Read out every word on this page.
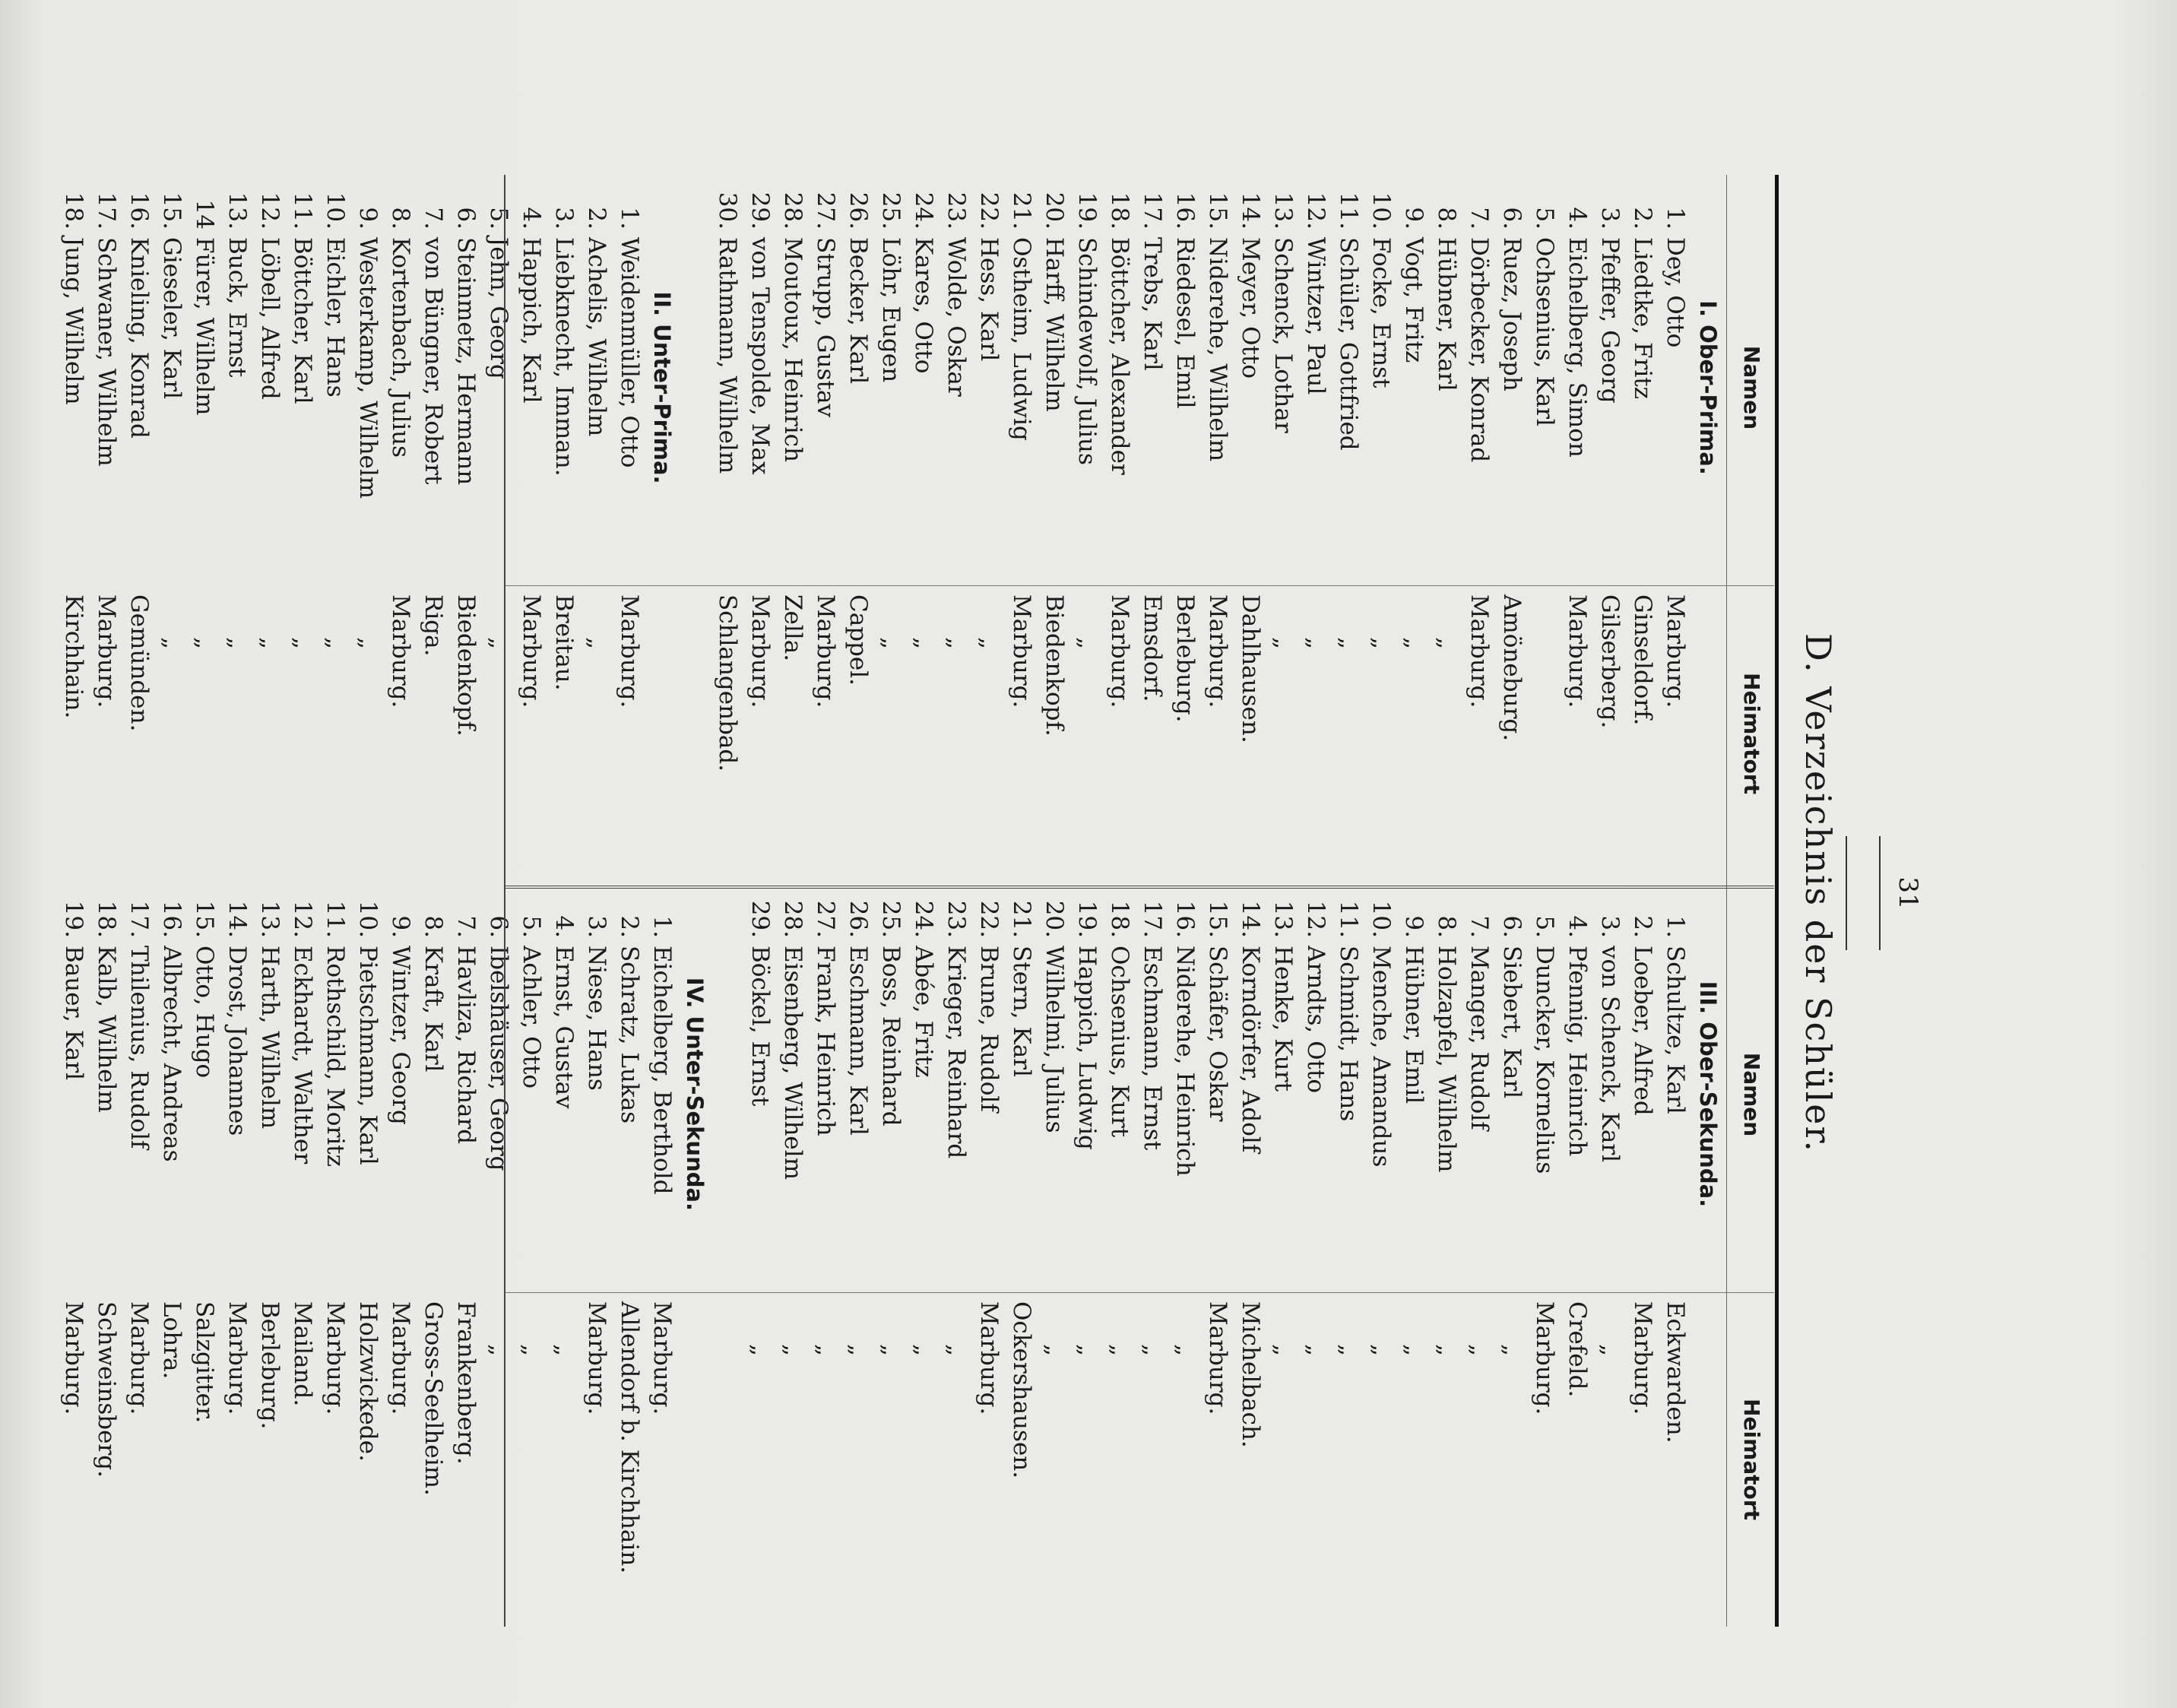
31
D. Verzeichnis der Schüler.
Namen
Heimatort
Namen
Heimatort
I. Ober-Prima.
1.Dey, Otto
2.Liedtke, Fritz
3.Pfeffer, Georg
4.Eichelberg, Simon
5.Ochsenius, Karl
6.Ruez, Joseph
7.Dörbecker, Konrad
8.Hübner, Karl
9.Vogt, Fritz
10.Focke, Ernst
11.Schüler, Gottfried
12.Wintzer, Paul
13.Schenck, Lothar
14.Meyer, Otto
15.Niderehe, Wilhelm
16.Riedesel, Emil
17.Trebs, Karl
18.Böttcher, Alexander
19.Schindewolf, Julius
20.Harff, Wilhelm
21.Ostheim, Ludwig
22.Hess, Karl
23.Wolde, Oskar
24.Kares, Otto
25.Löhr, Eugen
26.Becker, Karl
27.Strupp, Gustav
28.Moutoux, Heinrich
29.von Tenspolde, Max
30.Rathmann, Wilhelm
II. Unter-Prima.
1.Weidenmüller, Otto
2.Achelis, Wilhelm
3.Liebknecht, Imman.
4.Happich, Karl
5.Jehn, Georg
6.Steinmetz, Hermann
7.von Büngner, Robert
8.Kortenbach, Julius
9.Westerkamp, Wilhelm
10.Eichler, Hans
11.Böttcher, Karl
12.Löbell, Alfred
13.Buck, Ernst
14Fürer, Wilhelm
15.Gieseler, Karl
16.Knieling, Konrad
17.Schwaner, Wilhelm
18.Jung, Wilhelm
Marburg.
Ginseldorf.
Gilserberg.
Marburg.
Amöneburg.
Marburg.
„
„
„
„
„
„
Dahlhausen.
Marburg.
Berleburg.
Emsdorf.
Marburg.
„
Biedenkopf.
Marburg.
„
„
„
„
Cappel.
Marburg.
Zella.
Marburg.
Schlangenbad.
Marburg.
„
Breitau.
Marburg.
„
Biedenkopf.
Riga.
Marburg.
„
„
„
„
„
„
„
Gemünden.
Marburg.
Kirchhain.
III. Ober-Sekunda.
1.Schultze, Karl
2.Loeber, Alfred
3.von Schenck, Karl
4.Pfennig, Heinrich
5.Duncker, Kornelius
6.Siebert, Karl
7.Manger, Rudolf
8.Holzapfel, Wilhelm
9.Hübner, Emil
10.Menche, Amandus
11.Schmidt, Hans
12.Arndts, Otto
13.Henke, Kurt
14.Korndörfer, Adolf
15.Schäfer, Oskar
16.Niderehe, Heinrich
17.Eschmann, Ernst
18.Ochsenius, Kurt
19.Happich, Ludwig
20.Wilhelmi, Julius
21.Stern, Karl
22.Brune, Rudolf
23.Krieger, Reinhard
24.Abée, Fritz
25.Boss, Reinhard
26.Eschmann, Karl
27.Frank, Heinrich
28.Eisenberg, Wilhelm
29.Böckel, Ernst
IV. Unter-Sekunda.
1.Eichelberg, Berthold
2.Schratz, Lukas
3.Niese, Hans
4.Ernst, Gustav
5.Achler, Otto
6.Ibelshäuser, Georg
7.Havliza, Richard
8.Kraft, Karl
9.Wintzer, Georg
10.Pietschmann, Karl
11.Rothschild, Moritz
12.Eckhardt, Walther
13.Harth, Wilhelm
14.Drost, Johannes
15.Otto, Hugo
16.Albrecht, Andreas
17.Thilenius, Rudolf
18.Kalb, Wilhelm
19.Bauer, Karl
Eckwarden.
Marburg.
„
Crefeld.
Marburg.
„
„
„
„
„
„
„
„
Michelbach.
Marburg.
„
„
„
„
„
Ockershausen.
Marburg.
„
„
„
„
„
„
„
Marburg.
Allendorf b. Kirchhain.
Marburg.
„
„
„
Frankenberg.
Gross-Seelheim.
Marburg.
Holzwickede.
Marburg.
Mailand.
Berleburg.
Marburg.
Salzgitter.
Lohra.
Marburg.
Schweinsberg.
Marburg.
